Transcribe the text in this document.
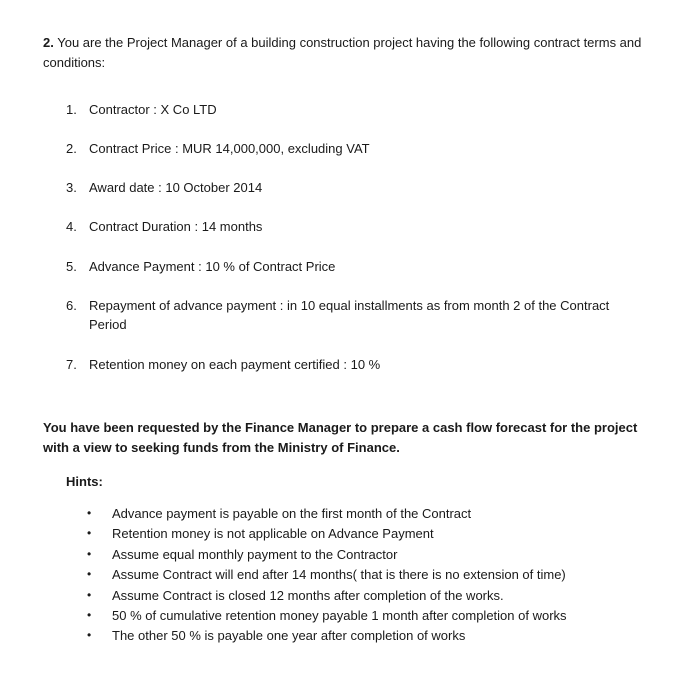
2. You are the Project Manager of a building construction project having the following contract terms and conditions:

1. Contractor : X Co LTD
2. Contract Price : MUR 14,000,000, excluding VAT
3. Award date : 10 October 2014
4. Contract Duration : 14 months
5. Advance Payment : 10 % of Contract Price
6. Repayment of advance payment : in 10 equal installments as from month 2 of the Contract Period
7. Retention money on each payment certified : 10 %

You have been requested by the Finance Manager to prepare a cash flow forecast for the project with a view to seeking funds from the Ministry of Finance.

Hints:

• Advance payment is payable on the first month of the Contract
• Retention money is not applicable on Advance Payment
• Assume equal monthly payment to the Contractor
• Assume Contract will end after 14 months( that is there is no extension of time)
• Assume Contract is closed 12 months after completion of the works.
• 50 % of cumulative retention money payable 1 month after completion of works
• The other 50 % is payable one year after completion of works
